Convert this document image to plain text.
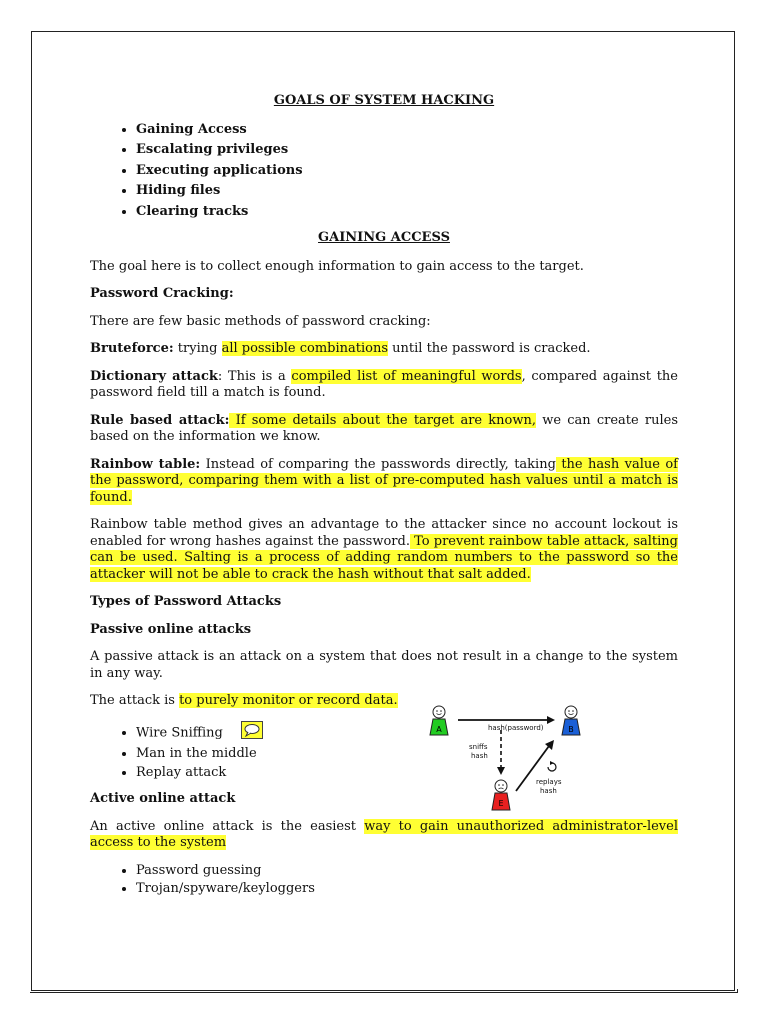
GOALS OF SYSTEM HACKING
• Gaining Access
• Escalating privileges
• Executing applications
• Hiding files
• Clearing tracks
GAINING ACCESS

The goal here is to collect enough information to gain access to the target.

Password Cracking:

There are few basic methods of password cracking:

Bruteforce: trying all possible combinations until the password is cracked.

Dictionary attack: This is a compiled list of meaningful words, compared against the password field till a match is found.

Rule based attack: If some details about the target are known, we can create rules based on the information we know.

Rainbow table: Instead of comparing the passwords directly, taking the hash value of the password, comparing them with a list of pre-computed hash values until a match is found.

Rainbow table method gives an advantage to the attacker since no account lockout is enabled for wrong hashes against the password. To prevent rainbow table attack, salting can be used. Salting is a process of adding random numbers to the password so the attacker will not be able to crack the hash without that salt added.

Types of Password Attacks

Passive online attacks

A passive attack is an attack on a system that does not result in a change to the system in any way.

The attack is to purely monitor or record data.

• Wire Sniffing
• Man in the middle
• Replay attack

Active online attack

An active online attack is the easiest way to gain unauthorized administrator-level access to the system

• Password guessing
• Trojan/spyware/keyloggers
A	B
E
hash(password)
sniffs
hash
replays
hash
